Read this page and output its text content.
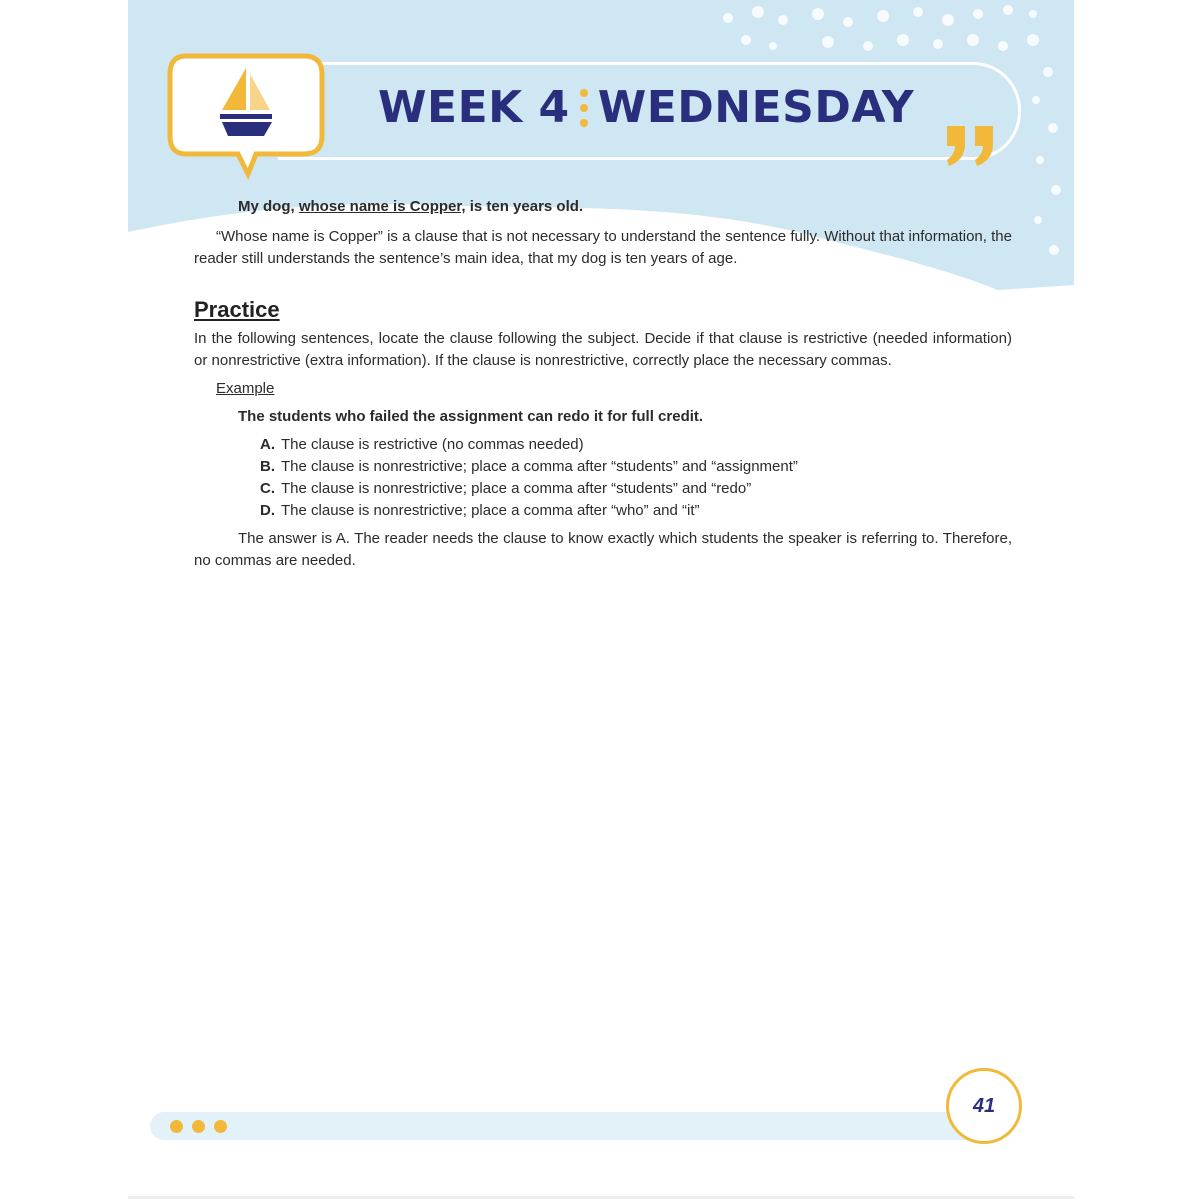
WEEK 4 WEDNESDAY

My dog, whose name is Copper, is ten years old.

“Whose name is Copper” is a clause that is not necessary to understand the sentence fully. Without that information, the reader still understands the sentence’s main idea, that my dog is ten years of age.

Practice

In the following sentences, locate the clause following the subject. Decide if that clause is restrictive (needed information) or nonrestrictive (extra information). If the clause is nonrestrictive, correctly place the necessary commas.

Example

The students who failed the assignment can redo it for full credit.

A. The clause is restrictive (no commas needed)
B. The clause is nonrestrictive; place a comma after “students” and “assignment”
C. The clause is nonrestrictive; place a comma after “students” and “redo”
D. The clause is nonrestrictive; place a comma after “who” and “it”

The answer is A. The reader needs the clause to know exactly which students the speaker is referring to. Therefore, no commas are needed.

41
